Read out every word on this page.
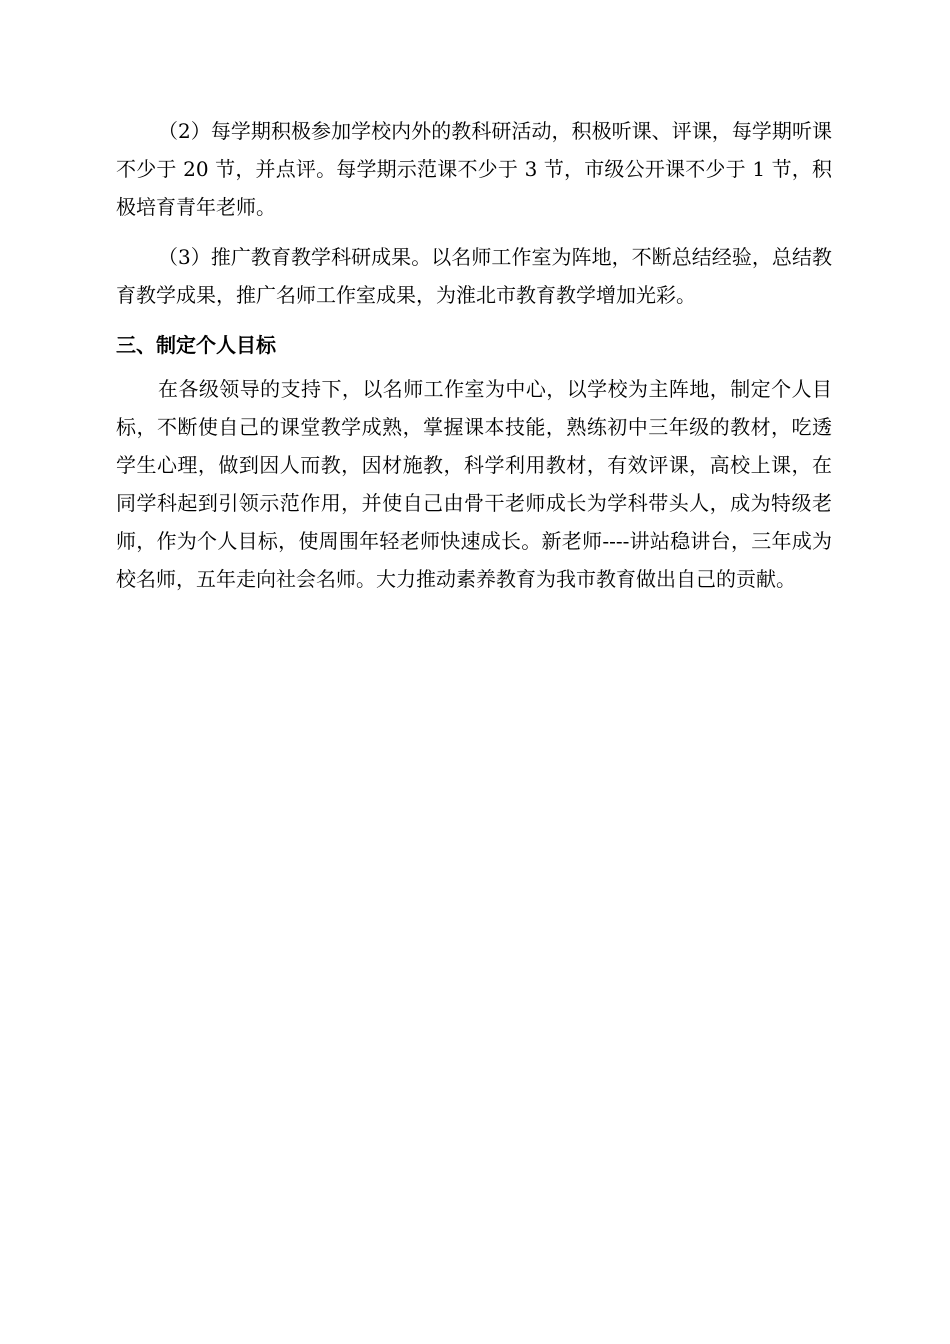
（2）每学期积极参加学校内外的教科研活动，积极听课、评课，每学期听课不少于 20 节，并点评。每学期示范课不少于 3 节，市级公开课不少于 1 节，积极培育青年老师。

（3）推广教育教学科研成果。以名师工作室为阵地，不断总结经验，总结教育教学成果，推广名师工作室成果，为淮北市教育教学增加光彩。

三、制定个人目标

在各级领导的支持下，以名师工作室为中心，以学校为主阵地，制定个人目标，不断使自己的课堂教学成熟，掌握课本技能，熟练初中三年级的教材，吃透学生心理，做到因人而教，因材施教，科学利用教材，有效评课，高校上课，在同学科起到引领示范作用，并使自己由骨干老师成长为学科带头人，成为特级老师，作为个人目标，使周围年轻老师快速成长。新老师----讲站稳讲台，三年成为校名师，五年走向社会名师。大力推动素养教育为我市教育做出自己的贡献。
